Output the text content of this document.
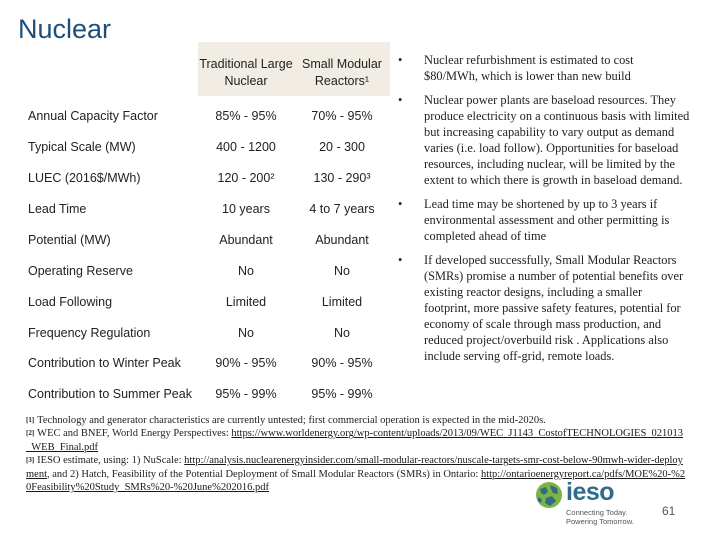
Nuclear
Traditional Large Nuclear
Small Modular Reactors¹
Annual Capacity Factor	85% - 95%	70% - 95%
Typical Scale (MW)	400 - 1200	20 - 300
LUEC (2016$/MWh)	120 - 200²	130 - 290³
Lead Time	10 years	4 to 7 years
Potential (MW)	Abundant	Abundant
Operating Reserve	No	No
Load Following	Limited	Limited
Frequency Regulation	No	No
Contribution to Winter Peak	90% - 95%	90% - 95%
Contribution to Summer Peak	95% - 99%	95% - 99%
• Nuclear refurbishment is estimated to cost $80/MWh, which is lower than new build
• Nuclear power plants are baseload resources. They produce electricity on a continuous basis with limited but increasing capability to vary output as demand varies (i.e. load follow). Opportunities for baseload resources, including nuclear, will be limited by the extent to which there is growth in baseload demand.
• Lead time may be shortened by up to 3 years if environmental assessment and other permitting is completed ahead of time
• If developed successfully, Small Modular Reactors (SMRs) promise a number of potential benefits over existing reactor designs, including a smaller footprint, more passive safety features, potential for economy of scale through mass production, and reduced project/overbuild risk . Applications also include serving off-grid, remote loads.
[1] Technology and generator characteristics are currently untested; first commercial operation is expected in the mid-2020s.
[2] WEC and BNEF, World Energy Perspectives: https://www.worldenergy.org/wp-content/uploads/2013/09/WEC_J1143_CostofTECHNOLOGIES_021013_WEB_Final.pdf
[3] IESO estimate, using: 1) NuScale: http://analysis.nuclearenergyinsider.com/small-modular-reactors/nuscale-targets-smr-cost-below-90mwh-wider-deployment, and 2) Hatch, Feasibility of the Potential Deployment of Small Modular Reactors (SMRs) in Ontario: http://ontarioenergyreport.ca/pdfs/MOE%20-%20Feasibility%20Study_SMRs%20-%20June%202016.pdf	ieso
Connecting Today.
Powering Tomorrow.
61
